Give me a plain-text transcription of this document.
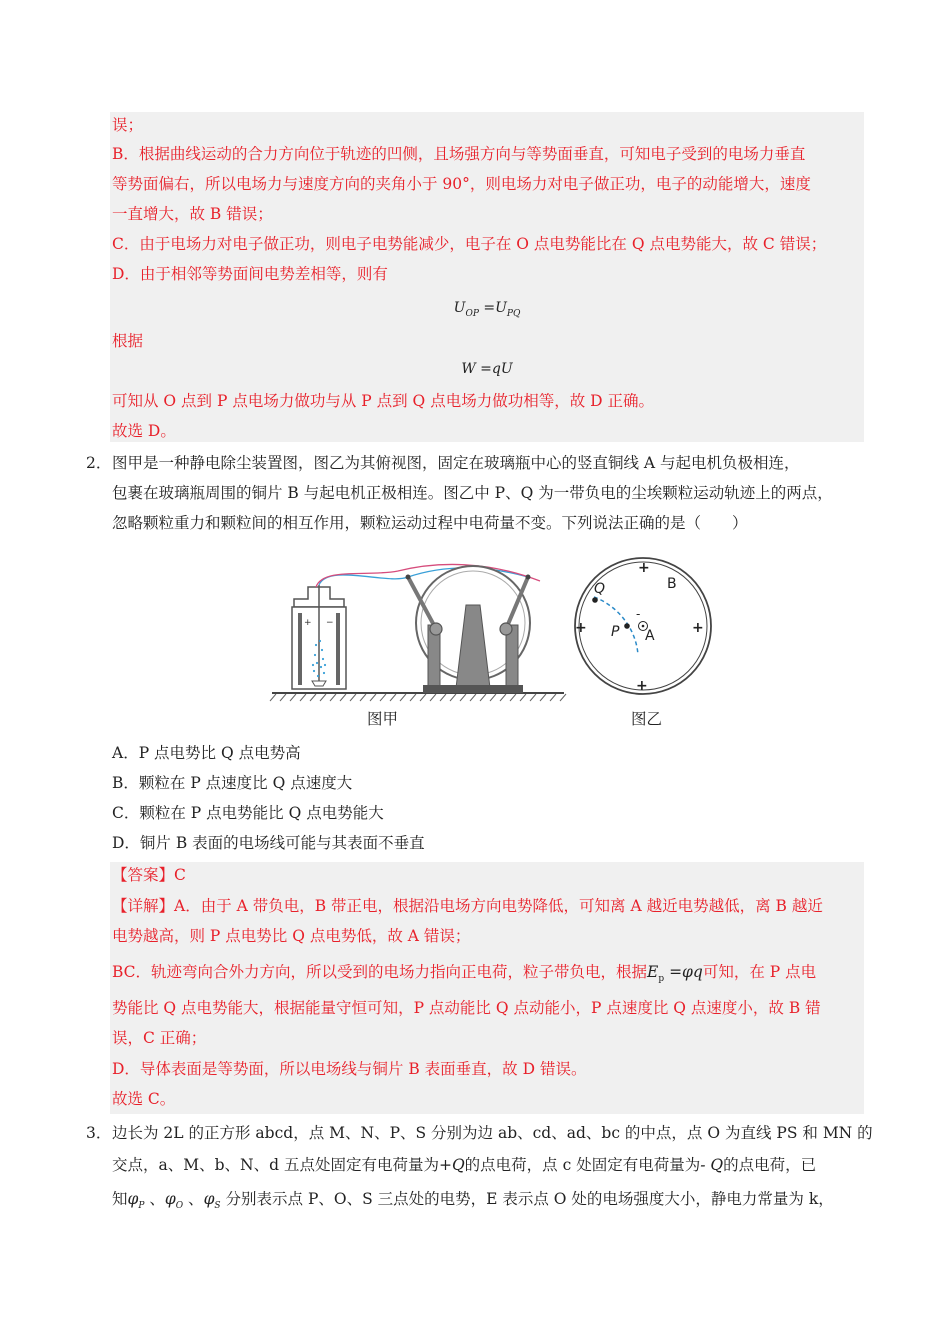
误；
B．根据曲线运动的合力方向位于轨迹的凹侧，且场强方向与等势面垂直，可知电子受到的电场力垂直
等势面偏右，所以电场力与速度方向的夹角小于 90°，则电场力对电子做正功，电子的动能增大，速度
一直增大，故 B 错误；
C．由于电场力对电子做正功，则电子电势能减少，电子在 O 点电势能比在 Q 点电势能大，故 C 错误；
D．由于相邻等势面间电势差相等，则有
$U_{OP} =U_{PQ}$
根据
W =qU
可知从 O 点到 P 点电场力做功与从 P 点到 Q 点电场力做功相等，故 D 正确。
故选 D。
2． 图甲是一种静电除尘装置图，图乙为其俯视图，固定在玻璃瓶中心的竖直铜线 A 与起电机负极相连，
包裹在玻璃瓶周围的铜片 B 与起电机正极相连。图乙中 P、Q 为一带负电的尘埃颗粒运动轨迹上的两点，
忽略颗粒重力和颗粒间的相互作用，颗粒运动过程中电荷量不变。下列说法正确的是（　　）
+ −
图甲
+
+	+
+
B
Q
P
-
A
图乙
A．P 点电势比 Q 点电势高
B．颗粒在 P 点速度比 Q 点速度大
C．颗粒在 P 点电势能比 Q 点电势能大
D．铜片 B 表面的电场线可能与其表面不垂直
【答案】C
【详解】A．由于 A 带负电，B 带正电，根据沿电场方向电势降低，可知离 A 越近电势越低，离 B 越近
电势越高，则 P 点电势比 Q 点电势低，故 A 错误；
BC．轨迹弯向合外力方向，所以受到的电场力指向正电荷，粒子带负电，根据$E_p =\varphi q$可知，在 P 点电
势能比 Q 点电势能大，根据能量守恒可知，P 点动能比 Q 点动能小，P 点速度比 Q 点速度小，故 B 错
误，C 正确；
D．导体表面是等势面，所以电场线与铜片 B 表面垂直，故 D 错误。
故选 C。
3． 边长为 2L 的正方形 abcd，点 M、N、P、S 分别为边 ab、cd、ad、bc 的中点，点 O 为直线 PS 和 MN 的
交点，a、M、b、N、d 五点处固定有电荷量为+Q的点电荷，点 c 处固定有电荷量为- Q的点电荷，已
知$\varphi_P$ 、$\varphi_O$ 、$\varphi_S$ 分别表示点 P、O、S 三点处的电势，E 表示点 O 处的电场强度大小，静电力常量为 k，
